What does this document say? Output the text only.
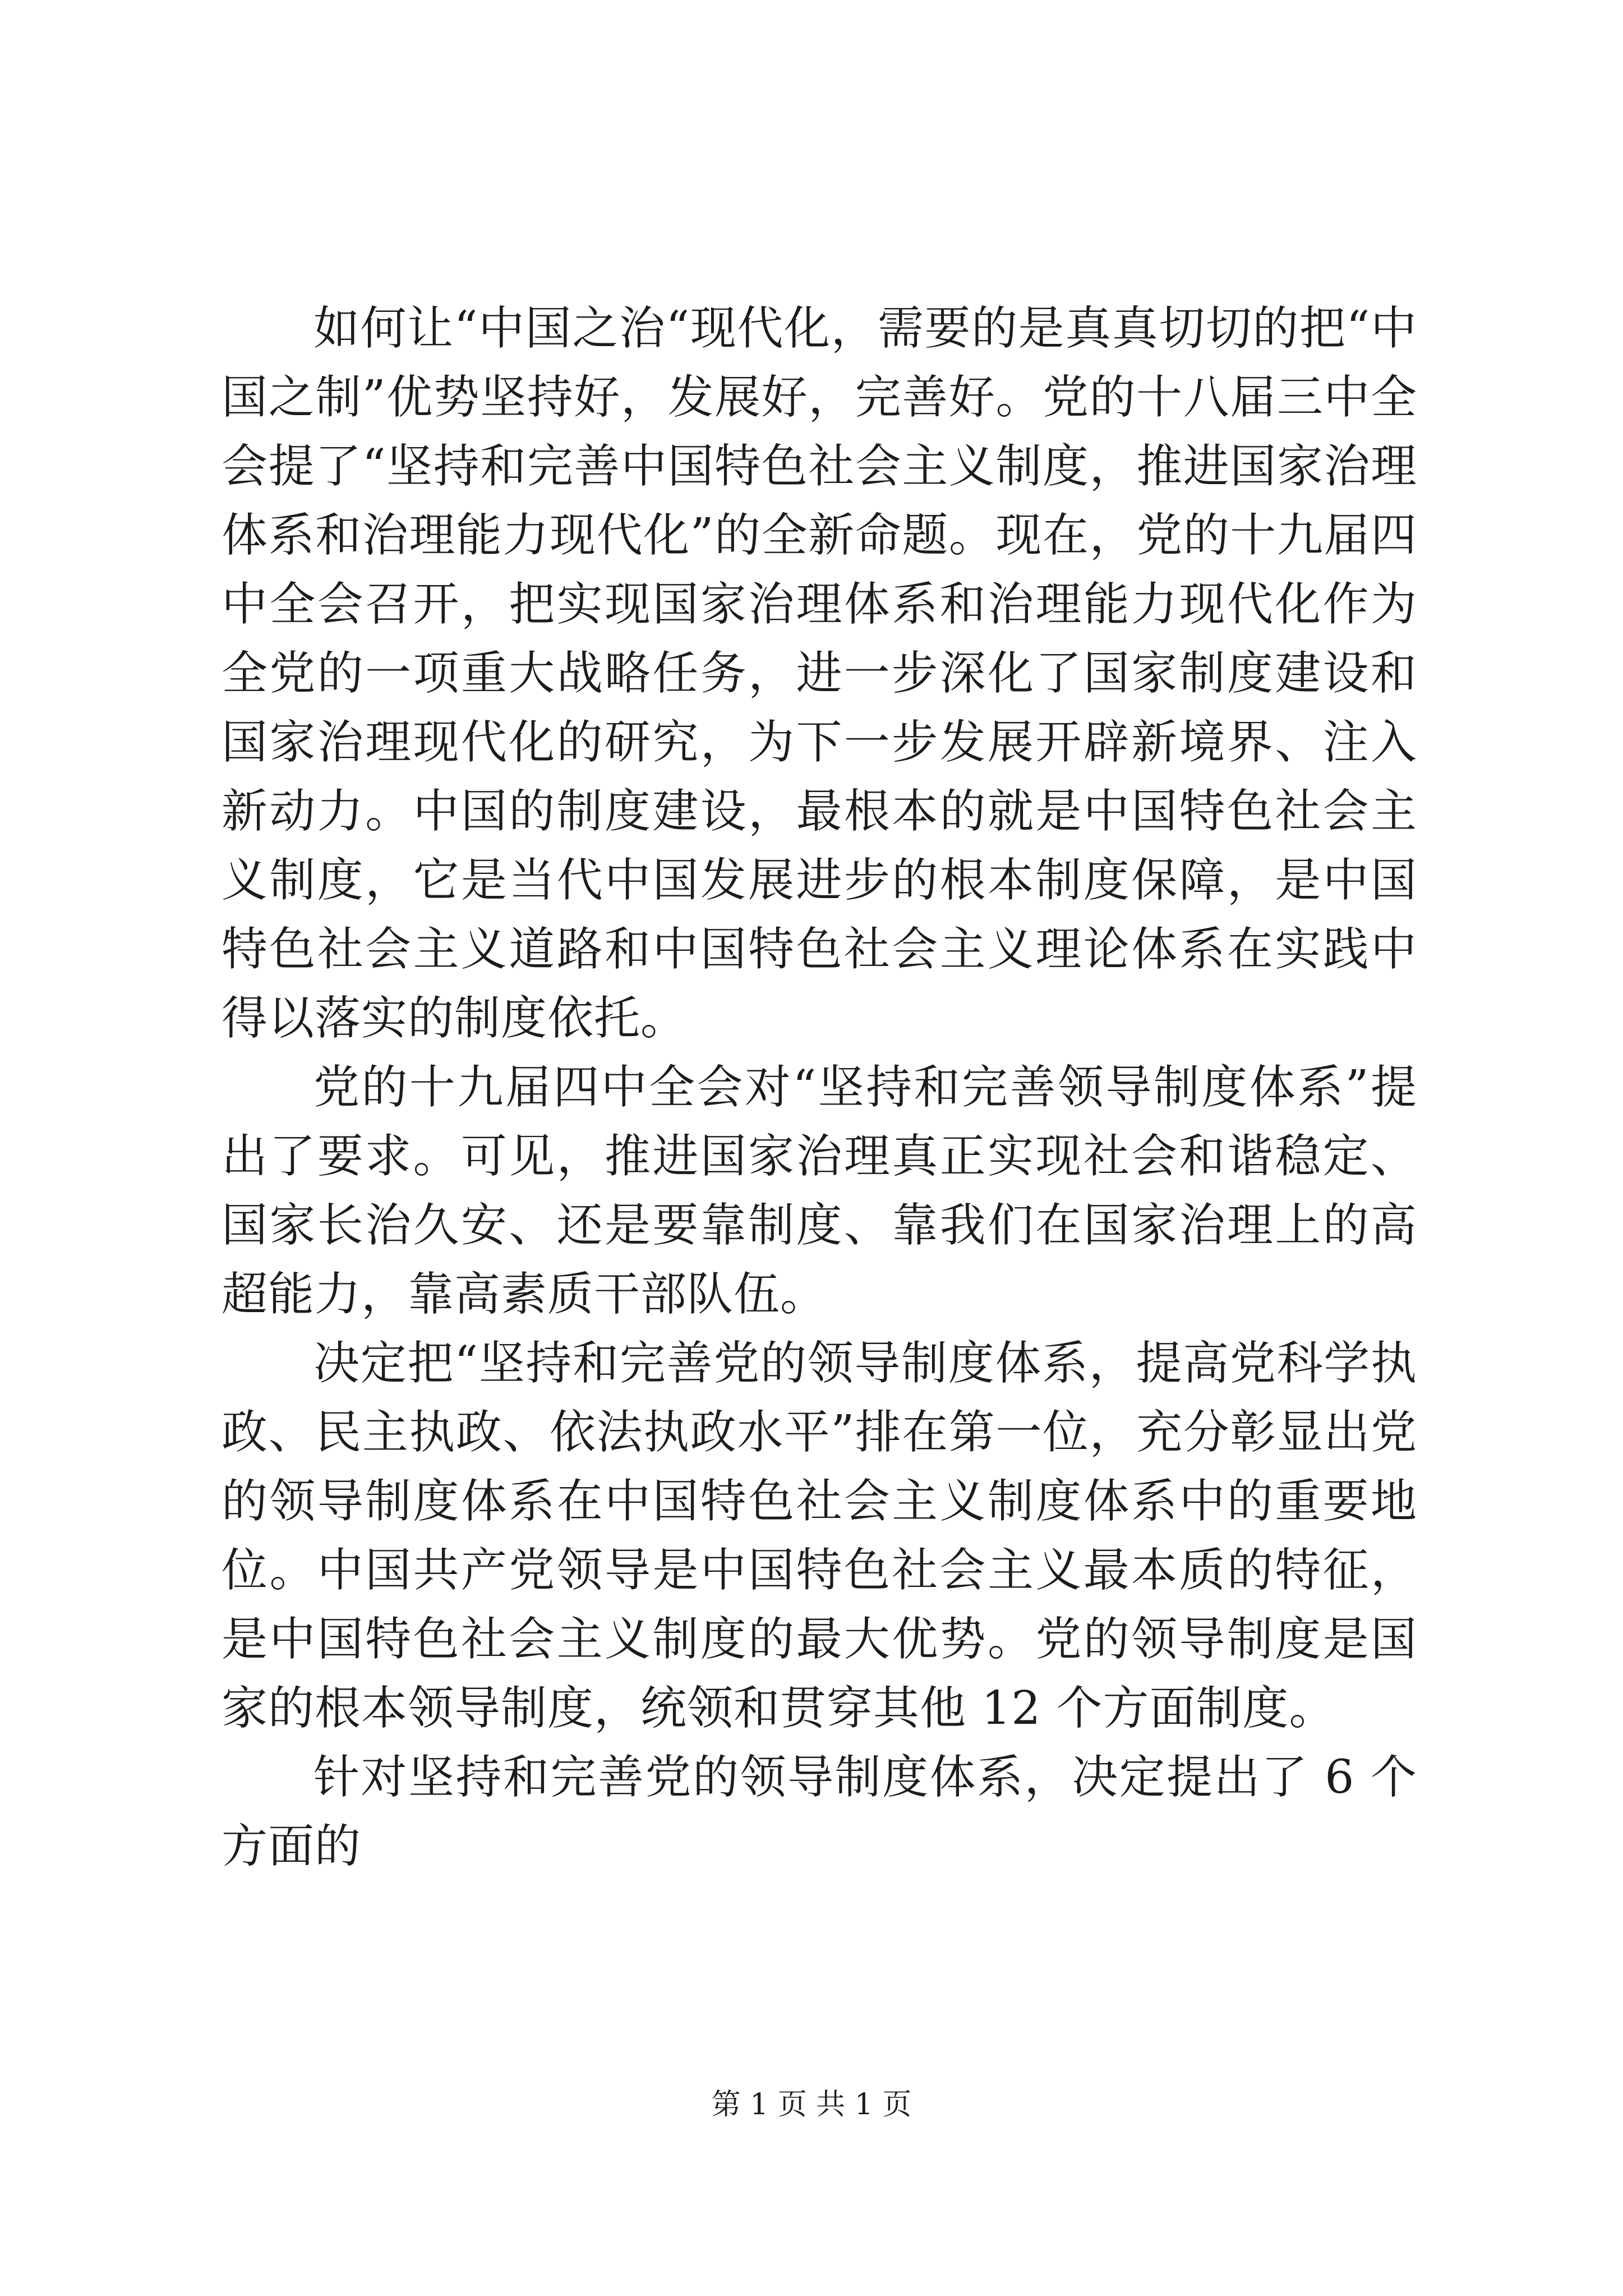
如何让“中国之治“现代化，需要的是真真切切的把“中国之制”优势坚持好，发展好，完善好。党的十八届三中全会提了“坚持和完善中国特色社会主义制度，推进国家治理体系和治理能力现代化”的全新命题。现在，党的十九届四中全会召开，把实现国家治理体系和治理能力现代化作为全党的一项重大战略任务，进一步深化了国家制度建设和国家治理现代化的研究，为下一步发展开辟新境界、注入新动力。中国的制度建设，最根本的就是中国特色社会主义制度，它是当代中国发展进步的根本制度保障，是中国特色社会主义道路和中国特色社会主义理论体系在实践中得以落实的制度依托。

党的十九届四中全会对“坚持和完善领导制度体系”提出了要求。可见，推进国家治理真正实现社会和谐稳定、国家长治久安、还是要靠制度、靠我们在国家治理上的高超能力，靠高素质干部队伍。

决定把“坚持和完善党的领导制度体系，提高党科学执政、民主执政、依法执政水平”排在第一位，充分彰显出党的领导制度体系在中国特色社会主义制度体系中的重要地位。中国共产党领导是中国特色社会主义最本质的特征，是中国特色社会主义制度的最大优势。党的领导制度是国家的根本领导制度，统领和贯穿其他 12 个方面制度。

针对坚持和完善党的领导制度体系，决定提出了 6 个方面的

第 1 页 共 1 页
